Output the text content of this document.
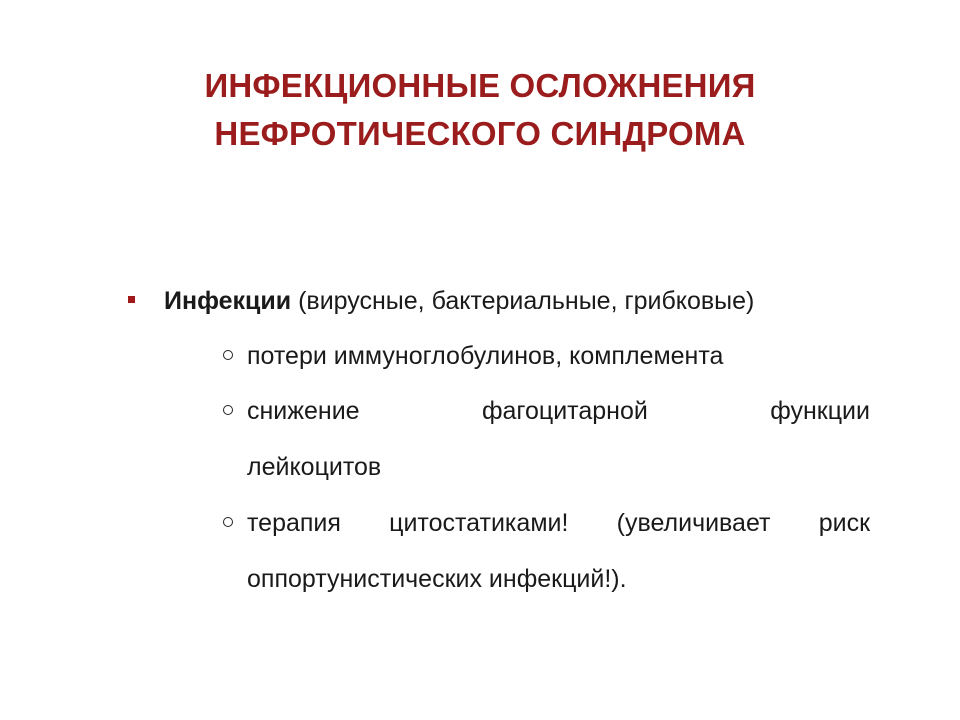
ИНФЕКЦИОННЫЕ ОСЛОЖНЕНИЯ
НЕФРОТИЧЕСКОГО СИНДРОМА
Инфекции (вирусные, бактериальные, грибковые)
потери иммуноглобулинов, комплемента
снижение фагоцитарной функции
лейкоцитов
терапия цитостатиками! (увеличивает риск
оппортунистических инфекций!).
